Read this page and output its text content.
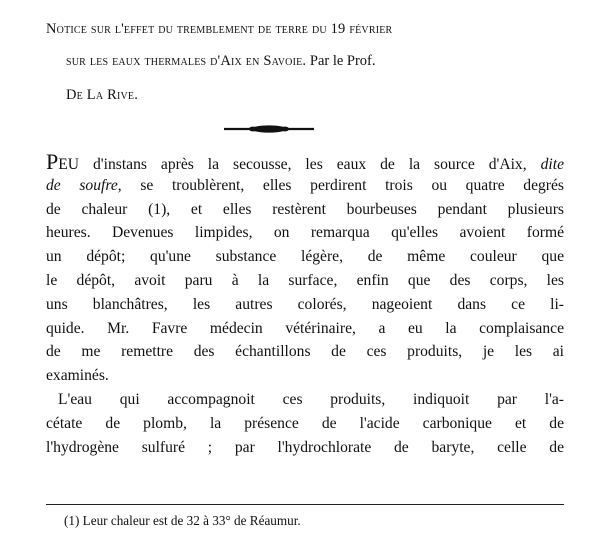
Notice sur l'effet du tremblement de terre du 19 février
sur les eaux thermales d'Aix en Savoie. Par le Prof.
De La Rive.
PEU d'instans après la secousse, les eaux de la source d'Aix, dite
de soufre, se troublèrent, elles perdirent trois ou quatre degrés
de chaleur (1), et elles restèrent bourbeuses pendant plusieurs
heures. Devenues limpides, on remarqua qu'elles avoient formé
un dépôt; qu'une substance légère, de même couleur que
le dépôt, avoit paru à la surface, enfin que des corps, les
uns blanchâtres, les autres colorés, nageoient dans ce li-
quide. Mr. Favre médecin vétérinaire, a eu la complaisance
de me remettre des échantillons de ces produits, je les ai
examinés.
L'eau qui accompagnoit ces produits, indiquoit par l'a-
cétate de plomb, la présence de l'acide carbonique et de
l'hydrogène sulfuré ; par l'hydrochlorate de baryte, celle de
(1) Leur chaleur est de 32 à 33° de Réaumur.
